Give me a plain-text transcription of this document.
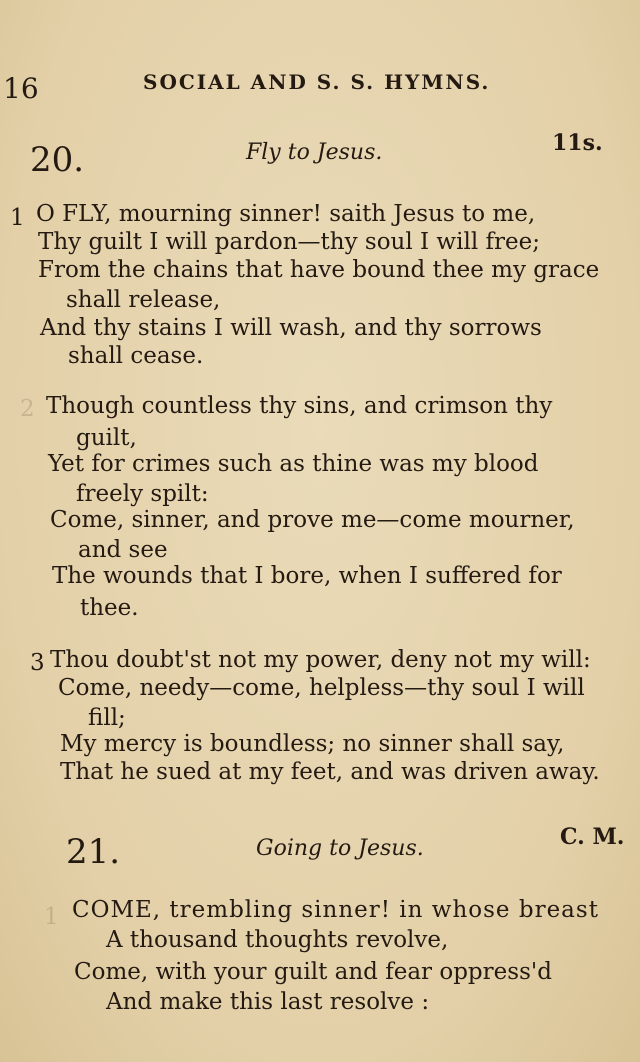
16	SOCIAL AND S. S. HYMNS.
20.	Fly to Jesus.	11s.
1 O FLY, mourning sinner! saith Jesus to me,
Thy guilt I will pardon—thy soul I will free;
From the chains that have bound thee my grace
shall release,
And thy stains I will wash, and thy sorrows
shall cease.
2 Though countless thy sins, and crimson thy
guilt,
Yet for crimes such as thine was my blood
freely spilt:
Come, sinner, and prove me—come mourner,
and see
The wounds that I bore, when I suffered for
thee.
3 Thou doubt'st not my power, deny not my will:
Come, needy—come, helpless—thy soul I will
fill;
My mercy is boundless; no sinner shall say,
That he sued at my feet, and was driven away.
21.	Going to Jesus.	C. M.
1 COME, trembling sinner! in whose breast
A thousand thoughts revolve,
Come, with your guilt and fear oppress'd
And make this last resolve :
